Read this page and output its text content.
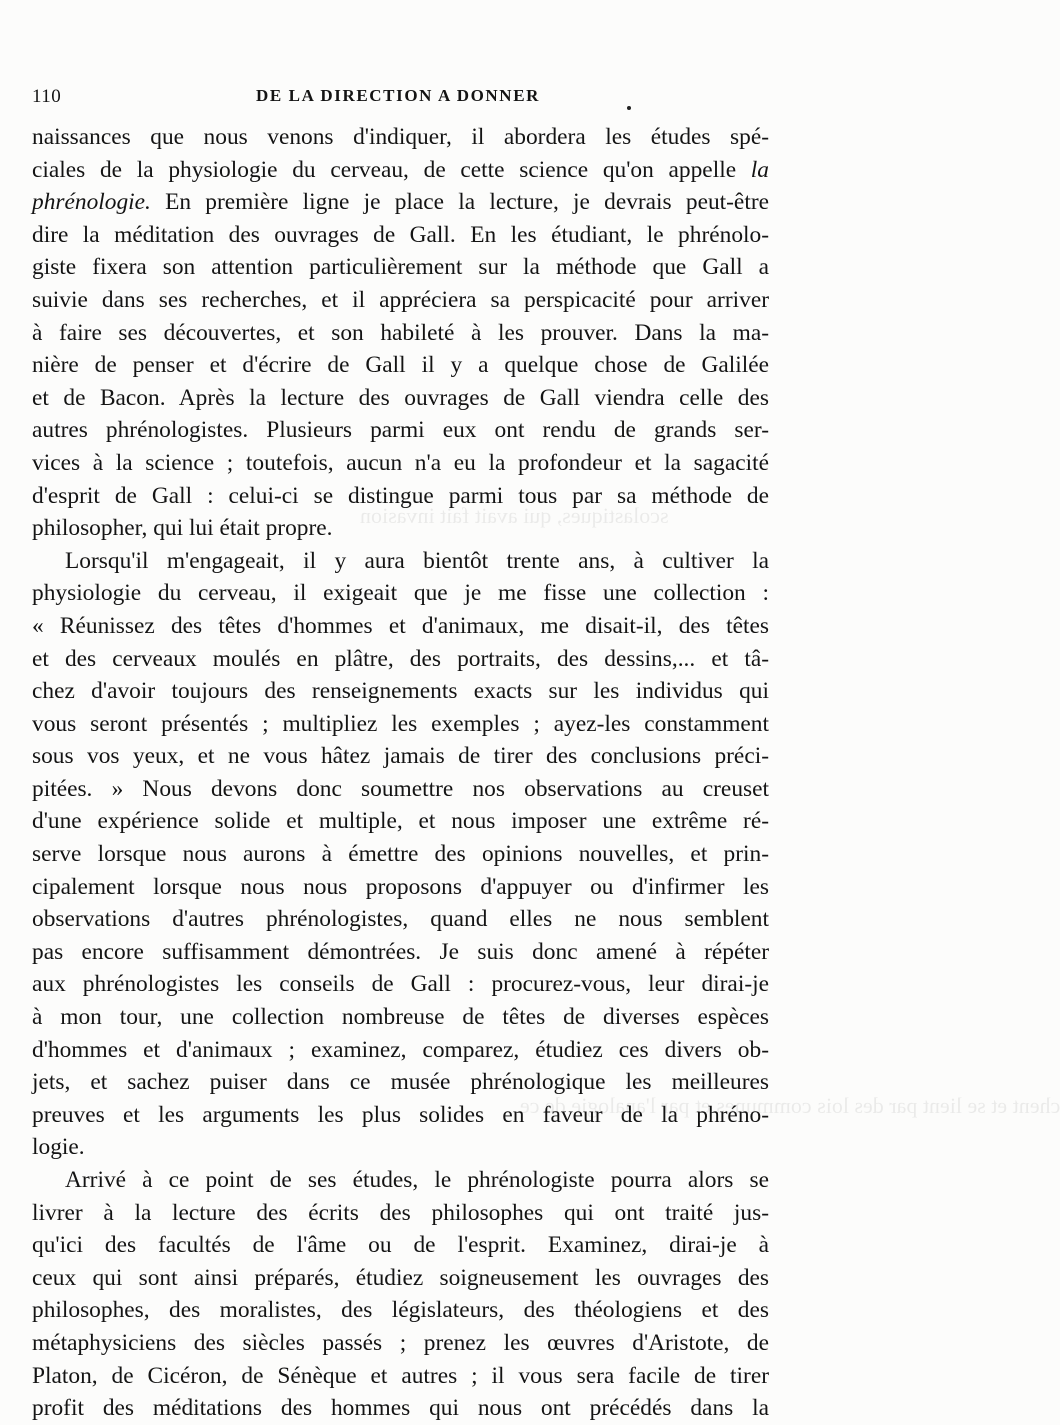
scolastiques, qui avait fait invasion
chent et se lient par des lois communes et par l'analogie de ce
110	DE LA DIRECTION A DONNER
naissances que nous venons d'indiquer, il abordera les études spé-
ciales de la physiologie du cerveau, de cette science qu'on appelle la
phrénologie. En première ligne je place la lecture, je devrais peut-être
dire la méditation des ouvrages de Gall. En les étudiant, le phrénolo-
giste fixera son attention particulièrement sur la méthode que Gall a
suivie dans ses recherches, et il appréciera sa perspicacité pour arriver
à faire ses découvertes, et son habileté à les prouver. Dans la ma-
nière de penser et d'écrire de Gall il y a quelque chose de Galilée
et de Bacon. Après la lecture des ouvrages de Gall viendra celle des
autres phrénologistes. Plusieurs parmi eux ont rendu de grands ser-
vices à la science ; toutefois, aucun n'a eu la profondeur et la sagacité
d'esprit de Gall : celui-ci se distingue parmi tous par sa méthode de
philosopher, qui lui était propre.
Lorsqu'il m'engageait, il y aura bientôt trente ans, à cultiver la
physiologie du cerveau, il exigeait que je me fisse une collection :
« Réunissez des têtes d'hommes et d'animaux, me disait-il, des têtes
et des cerveaux moulés en plâtre, des portraits, des dessins,... et tâ-
chez d'avoir toujours des renseignements exacts sur les individus qui
vous seront présentés ; multipliez les exemples ; ayez-les constamment
sous vos yeux, et ne vous hâtez jamais de tirer des conclusions préci-
pitées. » Nous devons donc soumettre nos observations au creuset
d'une expérience solide et multiple, et nous imposer une extrême ré-
serve lorsque nous aurons à émettre des opinions nouvelles, et prin-
cipalement lorsque nous nous proposons d'appuyer ou d'infirmer les
observations d'autres phrénologistes, quand elles ne nous semblent
pas encore suffisamment démontrées. Je suis donc amené à répéter
aux phrénologistes les conseils de Gall : procurez-vous, leur dirai-je
à mon tour, une collection nombreuse de têtes de diverses espèces
d'hommes et d'animaux ; examinez, comparez, étudiez ces divers ob-
jets, et sachez puiser dans ce musée phrénologique les meilleures
preuves et les arguments les plus solides en faveur de la phréno-
logie.
Arrivé à ce point de ses études, le phrénologiste pourra alors se
livrer à la lecture des écrits des philosophes qui ont traité jus-
qu'ici des facultés de l'âme ou de l'esprit. Examinez, dirai-je à
ceux qui sont ainsi préparés, étudiez soigneusement les ouvrages des
philosophes, des moralistes, des législateurs, des théologiens et des
métaphysiciens des siècles passés ; prenez les œuvres d'Aristote, de
Platon, de Cicéron, de Sénèque et autres ; il vous sera facile de tirer
profit des méditations des hommes qui nous ont précédés dans la
